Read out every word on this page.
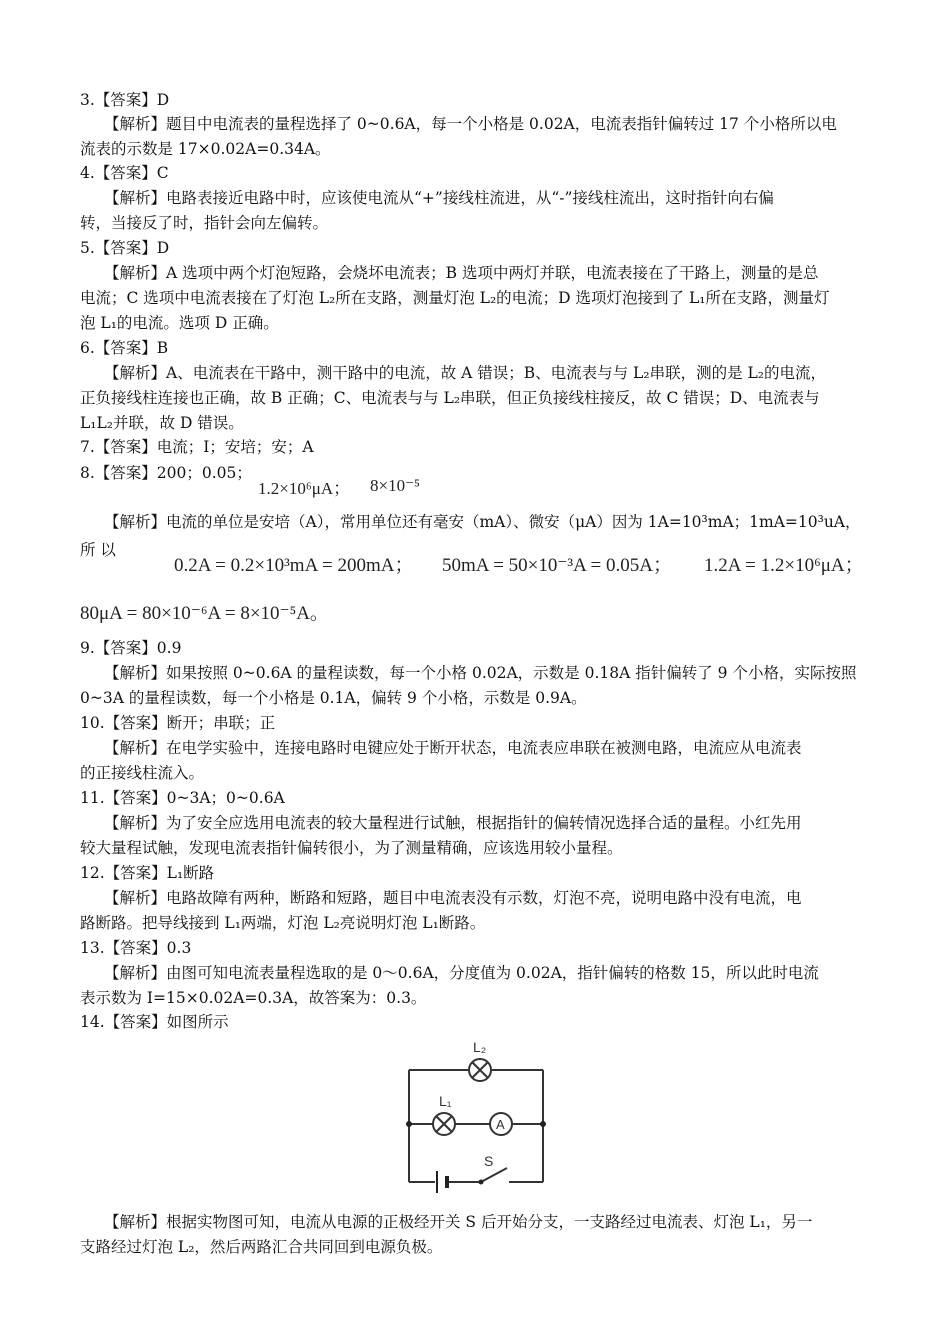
3.【答案】D
【解析】题目中电流表的量程选择了 0~0.6A，每一个小格是 0.02A，电流表指针偏转过 17 个小格所以电
流表的示数是 17×0.02A=0.34A。
4.【答案】C
【解析】电路表接近电路中时，应该使电流从“+”接线柱流进，从“-”接线柱流出，这时指针向右偏
转，当接反了时，指针会向左偏转。
5.【答案】D
【解析】A 选项中两个灯泡短路，会烧坏电流表；B 选项中两灯并联，电流表接在了干路上，测量的是总
电流；C 选项中电流表接在了灯泡 L₂所在支路，测量灯泡 L₂的电流；D 选项灯泡接到了 L₁所在支路，测量灯
泡 L₁的电流。选项 D 正确。
6.【答案】B
【解析】A、电流表在干路中，测干路中的电流，故 A 错误；B、电流表与与 L₂串联，测的是 L₂的电流，
正负接线柱连接也正确，故 B 正确；C、电流表与与 L₂串联，但正负接线柱接反，故 C 错误；D、电流表与
L₁L₂并联，故 D 错误。
7.【答案】电流；I；安培；安；A
8.【答案】200；0.05；
1.2×10⁶μA； 8×10⁻⁵
【解析】电流的单位是安培（A），常用单位还有毫安（mA）、微安（μA）因为 1A=10³mA；1mA=10³uA，
所 以
0.2A = 0.2×10³mA = 200mA； 50mA = 50×10⁻³A = 0.05A； 1.2A = 1.2×10⁶μA；
80μA = 80×10⁻⁶A = 8×10⁻⁵A。
9.【答案】0.9
【解析】如果按照 0~0.6A 的量程读数，每一个小格 0.02A，示数是 0.18A 指针偏转了 9 个小格，实际按照
0~3A 的量程读数，每一个小格是 0.1A，偏转 9 个小格，示数是 0.9A。
10.【答案】断开；串联；正
【解析】在电学实验中，连接电路时电键应处于断开状态，电流表应串联在被测电路，电流应从电流表
的正接线柱流入。
11.【答案】0~3A；0~0.6A
【解析】为了安全应选用电流表的较大量程进行试触，根据指针的偏转情况选择合适的量程。小红先用
较大量程试触，发现电流表指针偏转很小，为了测量精确，应该选用较小量程。
12.【答案】L₁断路
【解析】电路故障有两种，断路和短路，题目中电流表没有示数，灯泡不亮，说明电路中没有电流，电
路断路。把导线接到 L₁两端，灯泡 L₂亮说明灯泡 L₁断路。
13.【答案】0.3
【解析】由图可知电流表量程选取的是 0～0.6A，分度值为 0.02A，指针偏转的格数 15，所以此时电流
表示数为 I=15×0.02A=0.3A，故答案为：0.3。
14.【答案】如图所示
L₂
L₁
A
S
【解析】根据实物图可知，电流从电源的正极经开关 S 后开始分支，一支路经过电流表、灯泡 L₁，另一
支路经过灯泡 L₂，然后两路汇合共同回到电源负极。
